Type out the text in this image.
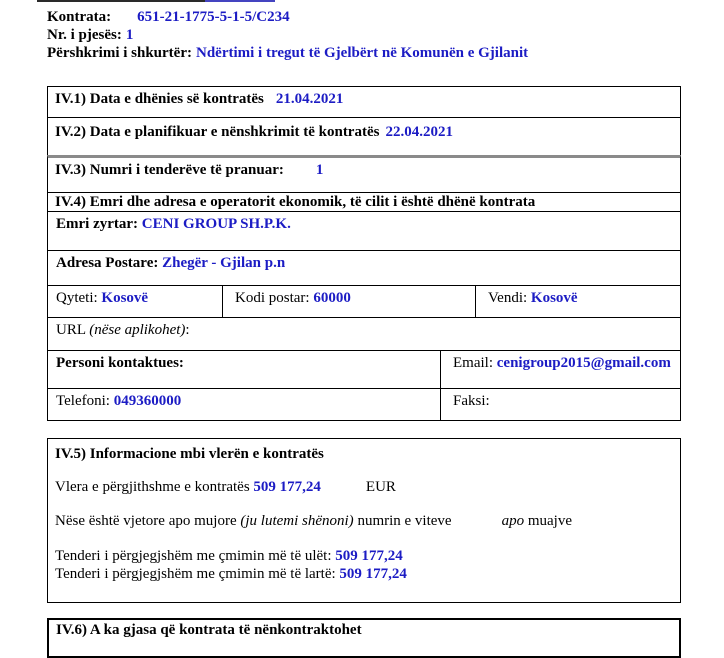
Kontrata: 651-21-1775-5-1-5/C234
Nr. i pjesës: 1
Përshkrimi i shkurtër: Ndërtimi i tregut të Gjelbërt në Komunën e Gjilanit
IV.1) Data e dhënies së kontratës 21.04.2021
IV.2) Data e planifikuar e nënshkrimit të kontratës 22.04.2021
IV.3) Numri i tenderëve të pranuar: 1
IV.4) Emri dhe adresa e operatorit ekonomik, të cilit i është dhënë kontrata
Emri zyrtar: CENI GROUP SH.P.K.
Adresa Postare: Zhegër - Gjilan p.n
Qyteti: Kosovë	Kodi postar: 60000	Vendi: Kosovë
URL (nëse aplikohet):
Personi kontaktues:	Email: cenigroup2015@gmail.com
Telefoni: 049360000	Faksi:
IV.5) Informacione mbi vlerën e kontratës
Vlera e përgjithshme e kontratës 509 177,24	EUR
Nëse është vjetore apo mujore (ju lutemi shënoni) numrin e viteve	apo muajve
Tenderi i përgjegjshëm me çmimin më të ulët: 509 177,24
Tenderi i përgjegjshëm me çmimin më të lartë: 509 177,24
IV.6) A ka gjasa që kontrata të nënkontraktohet
